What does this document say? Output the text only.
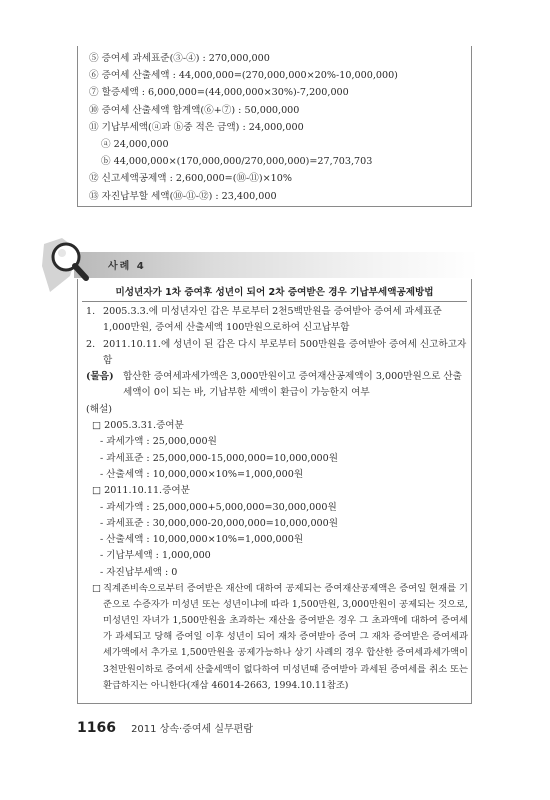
⑤ 증여세 과세표준(③-④) : 270,000,000
⑥ 증여세 산출세액 : 44,000,000=(270,000,000×20%-10,000,000)
⑦ 할증세액 : 6,000,000=(44,000,000×30%)-7,200,000
⑩ 증여세 산출세액 합계액(⑥+⑦) : 50,000,000
⑪ 기납부세액(ⓐ과 ⓑ중 적은 금액) : 24,000,000
ⓐ 24,000,000
ⓑ 44,000,000×(170,000,000/270,000,000)=27,703,703
⑫ 신고세액공제액 : 2,600,000=(⑩-⑪)×10%
⑬ 자진납부할 세액(⑩-⑪-⑫) : 23,400,000
사례 4
미성년자가 1차 증여후 성년이 되어 2차 증여받은 경우 기납부세액공제방법
1. 2005.3.3.에 미성년자인 갑은 부로부터 2천5백만원을 증여받아 증여세 과세표준 1,000만원, 증여세 산출세액 100만원으로하여 신고납부함
2. 2011.10.11.에 성년이 된 갑은 다시 부로부터 500만원을 증여받아 증여세 신고하고자 함
(물음) 합산한 증여세과세가액은 3,000만원이고 증여재산공제액이 3,000만원으로 산출세액이 0이 되는 바, 기납부한 세액이 환급이 가능한지 여부
(해설)
□ 2005.3.31.증여분
- 과세가액 : 25,000,000원
- 과세표준 : 25,000,000-15,000,000=10,000,000원
- 산출세액 : 10,000,000×10%=1,000,000원
□ 2011.10.11.증여분
- 과세가액 : 25,000,000+5,000,000=30,000,000원
- 과세표준 : 30,000,000-20,000,000=10,000,000원
- 산출세액 : 10,000,000×10%=1,000,000원
- 기납부세액 : 1,000,000
- 자진납부세액 : 0
□ 직계존비속으로부터 증여받은 재산에 대하여 공제되는 증여재산공제액은 증여일 현재를 기준으로 수증자가 미성년 또는 성년이냐에 따라 1,500만원, 3,000만원이 공제되는 것으로, 미성년인 자녀가 1,500만원을 초과하는 재산을 증여받은 경우 그 초과액에 대하여 증여세가 과세되고 당해 증여일 이후 성년이 되어 재차 증여받아 증여 그 재차 증여받은 증여세과세가액에서 추가로 1,500만원을 공제가능하나 상기 사례의 경우 합산한 증여세과세가액이 3천만원이하로 증여세 산출세액이 없다하여 미성년때 증여받아 과세된 증여세를 취소 또는 환급하지는 아니한다(재삼 46014-2663, 1994.10.11참조)
1166 2011 상속·증여세 실무편람
